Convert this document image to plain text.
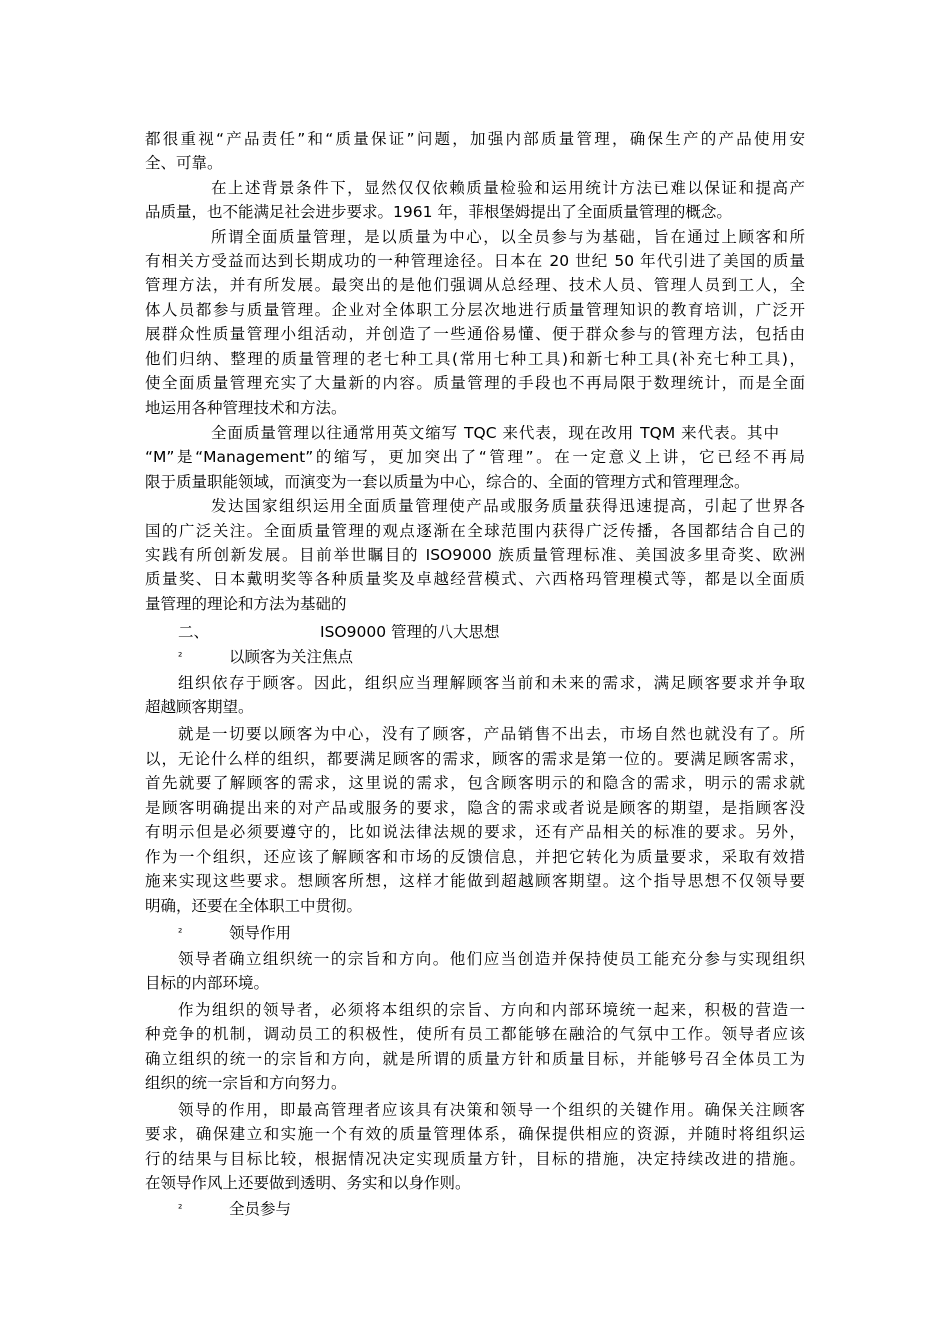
都很重视“产品责任”和“质量保证”问题，加强内部质量管理，确保生产的产品使用安
全、可靠。
在上述背景条件下，显然仅仅依赖质量检验和运用统计方法已难以保证和提高产
品质量，也不能满足社会进步要求。1961 年，菲根堡姆提出了全面质量管理的概念。
所谓全面质量管理，是以质量为中心，以全员参与为基础，旨在通过上顾客和所
有相关方受益而达到长期成功的一种管理途径。日本在 20 世纪 50 年代引进了美国的质量
管理方法，并有所发展。最突出的是他们强调从总经理、技术人员、管理人员到工人，全
体人员都参与质量管理。企业对全体职工分层次地进行质量管理知识的教育培训，广泛开
展群众性质量管理小组活动，并创造了一些通俗易懂、便于群众参与的管理方法，包括由
他们归纳、整理的质量管理的老七种工具(常用七种工具)和新七种工具(补充七种工具)，
使全面质量管理充实了大量新的内容。质量管理的手段也不再局限于数理统计，而是全面
地运用各种管理技术和方法。
全面质量管理以往通常用英文缩写 TQC 来代表，现在改用 TQM 来代表。其中
“M”是“Management”的缩写，更加突出了“管理”。在一定意义上讲，它已经不再局
限于质量职能领域，而演变为一套以质量为中心，综合的、全面的管理方式和管理理念。
发达国家组织运用全面质量管理使产品或服务质量获得迅速提高，引起了世界各
国的广泛关注。全面质量管理的观点逐渐在全球范围内获得广泛传播，各国都结合自己的
实践有所创新发展。目前举世瞩目的 ISO9000 族质量管理标准、美国波多里奇奖、欧洲
质量奖、日本戴明奖等各种质量奖及卓越经营模式、六西格玛管理模式等，都是以全面质
量管理的理论和方法为基础的
二、	ISO9000 管理的八大思想
²	以顾客为关注焦点
组织依存于顾客。因此，组织应当理解顾客当前和未来的需求，满足顾客要求并争取
超越顾客期望。
就是一切要以顾客为中心，没有了顾客，产品销售不出去，市场自然也就没有了。所
以，无论什么样的组织，都要满足顾客的需求，顾客的需求是第一位的。要满足顾客需求，
首先就要了解顾客的需求，这里说的需求，包含顾客明示的和隐含的需求，明示的需求就
是顾客明确提出来的对产品或服务的要求，隐含的需求或者说是顾客的期望，是指顾客没
有明示但是必须要遵守的，比如说法律法规的要求，还有产品相关的标准的要求。另外，
作为一个组织，还应该了解顾客和市场的反馈信息，并把它转化为质量要求，采取有效措
施来实现这些要求。想顾客所想，这样才能做到超越顾客期望。这个指导思想不仅领导要
明确，还要在全体职工中贯彻。
²	领导作用
领导者确立组织统一的宗旨和方向。他们应当创造并保持使员工能充分参与实现组织
目标的内部环境。
作为组织的领导者，必须将本组织的宗旨、方向和内部环境统一起来，积极的营造一
种竞争的机制，调动员工的积极性，使所有员工都能够在融洽的气氛中工作。领导者应该
确立组织的统一的宗旨和方向，就是所谓的质量方针和质量目标，并能够号召全体员工为
组织的统一宗旨和方向努力。
领导的作用，即最高管理者应该具有决策和领导一个组织的关键作用。确保关注顾客
要求，确保建立和实施一个有效的质量管理体系，确保提供相应的资源，并随时将组织运
行的结果与目标比较，根据情况决定实现质量方针，目标的措施，决定持续改进的措施。
在领导作风上还要做到透明、务实和以身作则。
²	全员参与
